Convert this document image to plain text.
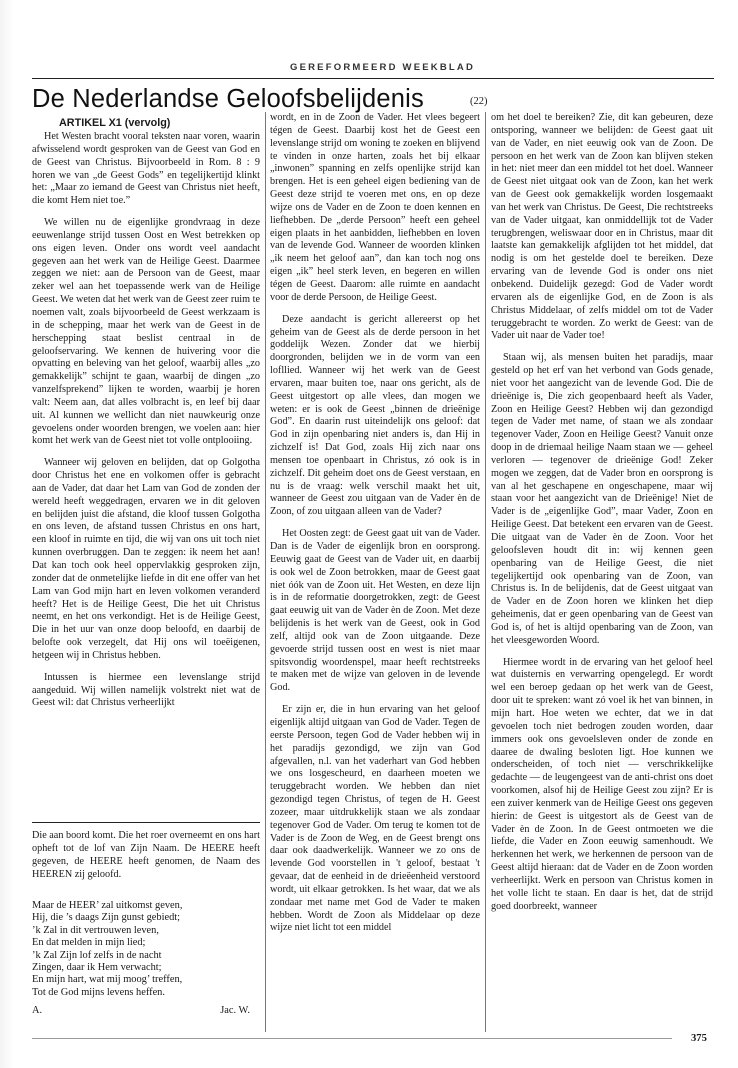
GEREFORMEERD WEEKBLAD
De Nederlandse Geloofsbelijdenis	(22)
ARTIKEL X1 (vervolg)

Het Westen bracht vooral teksten naar voren, waarin afwisselend wordt gesproken van de Geest van God en de Geest van Christus. Bijvoorbeeld in Rom. 8 : 9 horen we van „de Geest Gods” en tegelijkertijd klinkt het: „Maar zo iemand de Geest van Christus niet heeft, die komt Hem niet toe.”

We willen nu de eigenlijke grondvraag in deze eeuwenlange strijd tussen Oost en West betrekken op ons eigen leven. Onder ons wordt veel aandacht gegeven aan het werk van de Heilige Geest. Daarmee zeggen we niet: aan de Persoon van de Geest, maar zeker wel aan het toepassende werk van de Heilige Geest. We weten dat het werk van de Geest zeer ruim te noemen valt, zoals bijvoorbeeld de Geest werkzaam is in de schepping, maar het werk van de Geest in de herschepping staat beslist centraal in de geloofservaring. We kennen de huivering voor die opvatting en beleving van het geloof, waarbij alles „zo gemakkelijk” schijnt te gaan, waarbij de dingen „zo vanzelfsprekend” lijken te worden, waarbij je horen valt: Neem aan, dat alles volbracht is, en leef bij daar uit. Al kunnen we wellicht dan niet nauwkeurig onze gevoelens onder woorden brengen, we voelen aan: hier komt het werk van de Geest niet tot volle ontplooiing.

Wanneer wij geloven en belijden, dat op Golgotha door Christus het ene en volkomen offer is gebracht aan de Vader, dat daar het Lam van God de zonden der wereld heeft weggedragen, ervaren we in dit geloven en belijden juist die afstand, die kloof tussen Golgotha en ons leven, de afstand tussen Christus en ons hart, een kloof in ruimte en tijd, die wij van ons uit toch niet kunnen overbruggen. Dan te zeggen: ik neem het aan! Dat kan toch ook heel oppervlakkig gesproken zijn, zonder dat de onmetelijke liefde in dit ene offer van het Lam van God mijn hart en leven volkomen veranderd heeft? Het is de Heilige Geest, Die het uit Christus neemt, en het ons verkondigt. Het is de Heilige Geest, Die in het uur van onze doop beloofd, en daarbij de belofte ook verzegelt, dat Hij ons wil toeëigenen, hetgeen wij in Christus hebben.

Intussen is hiermee een levenslange strijd aangeduid. Wij willen namelijk volstrekt niet wat de Geest wil: dat Christus verheerlijkt

Die aan boord komt. Die het roer overneemt en ons hart opheft tot de lof van Zijn Naam. De HEERE heeft gegeven, de HEERE heeft genomen, de Naam des HEEREN zij geloofd.

Maar de HEER’ zal uitkomst geven,
Hij, die ’s daags Zijn gunst gebiedt;
’k Zal in dit vertrouwen leven,
En dat melden in mijn lied;
’k Zal Zijn lof zelfs in de nacht
Zingen, daar ik Hem verwacht;
En mijn hart, wat mij moog’ treffen,
Tot de God mijns levens heffen.
A.	Jac. W.

wordt, en in de Zoon de Vader. Het vlees begeert tégen de Geest. Daarbij kost het de Geest een levenslange strijd om woning te zoeken en blijvend te vinden in onze harten, zoals het bij elkaar „inwonen” spanning en zelfs openlijke strijd kan brengen. Het is een geheel eigen bediening van de Geest deze strijd te voeren met ons, en op deze wijze ons de Vader en de Zoon te doen kennen en liefhebben. De „derde Persoon” heeft een geheel eigen plaats in het aanbidden, liefhebben en loven van de levende God. Wanneer de woorden klinken „ik neem het geloof aan”, dan kan toch nog ons eigen „ik” heel sterk leven, en begeren en willen tégen de Geest. Daarom: alle ruimte en aandacht voor de derde Persoon, de Heilige Geest.

Deze aandacht is gericht allereerst op het geheim van de Geest als de derde persoon in het goddelijk Wezen. Zonder dat we hierbij doorgronden, belijden we in de vorm van een lofllied. Wanneer wij het werk van de Geest ervaren, maar buiten toe, naar ons gericht, als de Geest uitgestort op alle vlees, dan mogen we weten: er is ook de Geest „binnen de drieënige God”. En daarin rust uiteindelijk ons geloof: dat God in zijn openbaring niet anders is, dan Hij in zichzelf is! Dat God, zoals Hij zich naar ons mensen toe openbaart in Christus, zó ook is in zichzelf. Dit geheim doet ons de Geest verstaan, en nu is de vraag: welk verschil maakt het uit, wanneer de Geest zou uitgaan van de Vader èn de Zoon, of zou uitgaan alleen van de Vader?

Het Oosten zegt: de Geest gaat uit van de Vader. Dan is de Vader de eigenlijk bron en oorsprong. Eeuwig gaat de Geest van de Vader uit, en daarbij is ook wel de Zoon betrokken, maar de Geest gaat niet óók van de Zoon uit. Het Westen, en deze lijn is in de reformatie doorgetrokken, zegt: de Geest gaat eeuwig uit van de Vader èn de Zoon. Met deze belijdenis is het werk van de Geest, ook in God zelf, altijd ook van de Zoon uitgaande. Deze gevoerde strijd tussen oost en west is niet maar spitsvondig woordenspel, maar heeft rechtstreeks te maken met de wijze van geloven in de levende God.

Er zijn er, die in hun ervaring van het geloof eigenlijk altijd uitgaan van God de Vader. Tegen de eerste Persoon, tegen God de Vader hebben wij in het paradijs gezondigd, we zijn van God afgevallen, n.l. van het vaderhart van God hebben we ons losgescheurd, en daarheen moeten we teruggebracht worden. We hebben dan niet gezondigd tegen Christus, of tegen de H. Geest zozeer, maar uitdrukkelijk staan we als zondaar tegenover God de Vader. Om terug te komen tot de Vader is de Zoon de Weg, en de Geest brengt ons daar ook daadwerkelijk. Wanneer we zo ons de levende God voorstellen in 't geloof, bestaat 't gevaar, dat de eenheid in de drieëenheid verstoord wordt, uit elkaar getrokken. Is het waar, dat we als zondaar met name met God de Vader te maken hebben. Wordt de Zoon als Middelaar op deze wijze niet licht tot een middel

om het doel te bereiken? Zie, dit kan gebeuren, deze ontsporing, wanneer we belijden: de Geest gaat uit van de Vader, en niet eeuwig ook van de Zoon. De persoon en het werk van de Zoon kan blijven steken in het: niet meer dan een middel tot het doel. Wanneer de Geest niet uitgaat ook van de Zoon, kan het werk van de Geest ook gemakkelijk worden losgemaakt van het werk van Christus. De Geest, Die rechtstreeks van de Vader uitgaat, kan onmiddellijk tot de Vader terugbrengen, weliswaar door en in Christus, maar dit laatste kan gemakkelijk afglijden tot het middel, dat nodig is om het gestelde doel te bereiken. Deze ervaring van de levende God is onder ons niet onbekend. Duidelijk gezegd: God de Vader wordt ervaren als de eigenlijke God, en de Zoon is als Christus Middelaar, of zelfs middel om tot de Vader teruggebracht te worden. Zo werkt de Geest: van de Vader uit naar de Vader toe!

Staan wij, als mensen buiten het paradijs, maar gesteld op het erf van het verbond van Gods genade, niet voor het aangezicht van de levende God. Die de drieënige is, Die zich geopenbaard heeft als Vader, Zoon en Heilige Geest? Hebben wij dan gezondigd tegen de Vader met name, of staan we als zondaar tegenover Vader, Zoon en Heilige Geest? Vanuit onze doop in de driemaal heilige Naam staan we — geheel verloren — tegenover de drieënige God! Zeker mogen we zeggen, dat de Vader bron en oorsprong is van al het geschapene en ongeschapene, maar wij staan voor het aangezicht van de Drieënige! Niet de Vader is de „eigenlijke God”, maar Vader, Zoon en Heilige Geest. Dat betekent een ervaren van de Geest. Die uitgaat van de Vader èn de Zoon. Voor het geloofsleven houdt dit in: wij kennen geen openbaring van de Heilige Geest, die niet tegelijkertijd ook openbaring van de Zoon, van Christus is. In de belijdenis, dat de Geest uitgaat van de Vader en de Zoon horen we klinken het diep geheimenis, dat er geen openbaring van de Geest van God is, of het is altijd openbaring van de Zoon, van het vleesgeworden Woord.

Hiermee wordt in de ervaring van het geloof heel wat duisternis en verwarring opengelegd. Er wordt wel een beroep gedaan op het werk van de Geest, door uit te spreken: want zó voel ik het van binnen, in mijn hart. Hoe weten we echter, dat we in dat gevoelen toch niet bedrogen zouden worden, daar immers ook ons gevoelsleven onder de zonde en daaree de dwaling besloten ligt. Hoe kunnen we onderscheiden, of toch niet — verschrikkelijke gedachte — de leugengeest van de anti-christ ons doet voorkomen, alsof hij de Heilige Geest zou zijn? Er is een zuiver kenmerk van de Heilige Geest ons gegeven hierin: de Geest is uitgestort als de Geest van de Vader èn de Zoon. In de Geest ontmoeten we die liefde, die Vader en Zoon eeuwig samenhoudt. We herkennen het werk, we herkennen de persoon van de Geest altijd hieraan: dat de Vader en de Zoon worden verheerlijkt. Werk en persoon van Christus komen in het volle licht te staan. En daar is het, dat de strijd goed doorbreekt, wanneer

375
